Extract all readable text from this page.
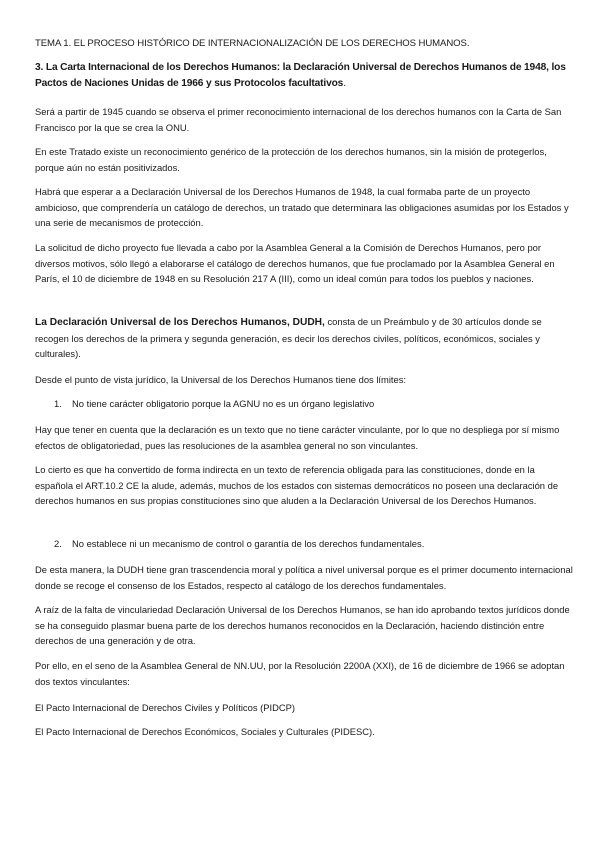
TEMA 1. EL PROCESO HISTÓRICO DE INTERNACIONALIZACIÓN DE LOS DERECHOS HUMANOS.

3. La Carta Internacional de los Derechos Humanos: la Declaración Universal de Derechos Humanos de 1948, los Pactos de Naciones Unidas de 1966 y sus Protocolos facultativos.

Será a partir de 1945 cuando se observa el primer reconocimiento internacional de los derechos humanos con la Carta de San Francisco por la que se crea la ONU.

En este Tratado existe un reconocimiento genérico de la protección de los derechos humanos, sin la misión de protegerlos, porque aún no están positivizados.

Habrá que esperar a a Declaración Universal de los Derechos Humanos de 1948, la cual formaba parte de un proyecto ambicioso, que comprendería un catálogo de derechos, un tratado que determinara las obligaciones asumidas por los Estados y una serie de mecanismos de protección.

La solicitud de dicho proyecto fue llevada a cabo por la Asamblea General a la Comisión de Derechos Humanos, pero por diversos motivos, sólo llegó a elaborarse el catálogo de derechos humanos, que fue proclamado por la Asamblea General en París, el 10 de diciembre de 1948 en su Resolución 217 A (III), como un ideal común para todos los pueblos y naciones.

La Declaración Universal de los Derechos Humanos, DUDH, consta de un Preámbulo y de 30 artículos donde se recogen los derechos de la primera y segunda generación, es decir los derechos civiles, políticos, económicos, sociales y culturales).

Desde el punto de vista jurídico, la Universal de los Derechos Humanos tiene dos límites:

1. No tiene carácter obligatorio porque la AGNU no es un órgano legislativo

Hay que tener en cuenta que la declaración es un texto que no tiene carácter vinculante, por lo que no despliega por sí mismo efectos de obligatoriedad, pues las resoluciones de la asamblea general no son vinculantes.

Lo cierto es que ha convertido de forma indirecta en un texto de referencia obligada para las constituciones, donde en la española el ART.10.2 CE la alude, además, muchos de los estados con sistemas democráticos no poseen una declaración de derechos humanos en sus propias constituciones sino que aluden a la Declaración Universal de los Derechos Humanos.

2. No establece ni un mecanismo de control o garantía de los derechos fundamentales.

De esta manera, la DUDH tiene gran trascendencia moral y política a nivel universal porque es el primer documento internacional donde se recoge el consenso de los Estados, respecto al catálogo de los derechos fundamentales.

A raíz de la falta de vinculariedad Declaración Universal de los Derechos Humanos, se han ido aprobando textos jurídicos donde se ha conseguido plasmar buena parte de los derechos humanos reconocidos en la Declaración, haciendo distinción entre derechos de una generación y de otra.

Por ello, en el seno de la Asamblea General de NN.UU, por la Resolución 2200A (XXI), de 16 de diciembre de 1966 se adoptan dos textos vinculantes:

El Pacto Internacional de Derechos Civiles y Políticos (PIDCP)

El Pacto Internacional de Derechos Económicos, Sociales y Culturales (PIDESC).
